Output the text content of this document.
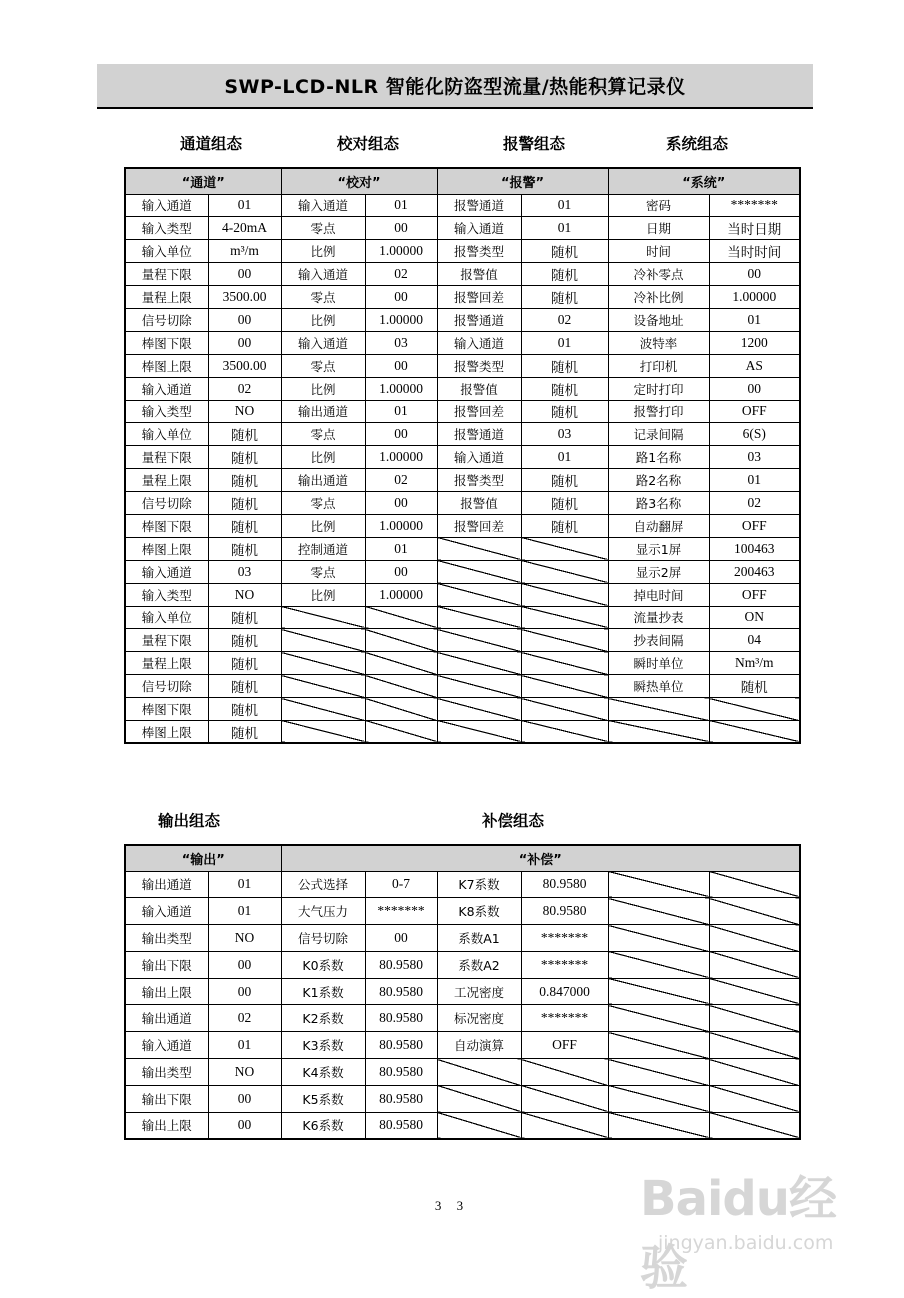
SWP-LCD-NLR 智能化防盗型流量/热能积算记录仪
通道组态	校对组态	报警组态	系统组态
“通道”		“校对”		“报警”		“系统”	
输入通道	01	输入通道	01	报警通道	01	密码	*******
输入类型	4-20mA	零点	00	输入通道	01	日期	当时日期
输入单位	m³/m	比例	1.00000	报警类型	随机	时间	当时时间
量程下限	00	输入通道	02	报警值	随机	冷补零点	00
量程上限	3500.00	零点	00	报警回差	随机	冷补比例	1.00000
信号切除	00	比例	1.00000	报警通道	02	设备地址	01
棒图下限	00	输入通道	03	输入通道	01	波特率	1200
棒图上限	3500.00	零点	00	报警类型	随机	打印机	AS
输入通道	02	比例	1.00000	报警值	随机	定时打印	00
输入类型	NO	输出通道	01	报警回差	随机	报警打印	OFF
输入单位	随机	零点	00	报警通道	03	记录间隔	6(S)
量程下限	随机	比例	1.00000	输入通道	01	路1名称	03
量程上限	随机	输出通道	02	报警类型	随机	路2名称	01
信号切除	随机	零点	00	报警值	随机	路3名称	02
棒图下限	随机	比例	1.00000	报警回差	随机	自动翻屏	OFF
棒图上限	随机	控制通道	01			显示1屏	100463
输入通道	03	零点	00			显示2屏	200463
输入类型	NO	比例	1.00000			掉电时间	OFF
输入单位	随机					流量抄表	ON
量程下限	随机					抄表间隔	04
量程上限	随机					瞬时单位	Nm³/m
信号切除	随机					瞬热单位	随机
棒图下限	随机						
棒图上限	随机						
输出组态	补偿组态
“输出”		“补偿”					
输出通道	01	公式选择	0-7	K7系数	80.9580		
输入通道	01	大气压力	*******	K8系数	80.9580		
输出类型	NO	信号切除	00	系数A1	*******		
输出下限	00	K0系数	80.9580	系数A2	*******		
输出上限	00	K1系数	80.9580	工况密度	0.847000		
输出通道	02	K2系数	80.9580	标况密度	*******		
输入通道	01	K3系数	80.9580	自动演算	OFF		
输出类型	NO	K4系数	80.9580				
输出下限	00	K5系数	80.9580				
输出上限	00	K6系数	80.9580				
3 3	Baidu经验
jingyan.baidu.com
